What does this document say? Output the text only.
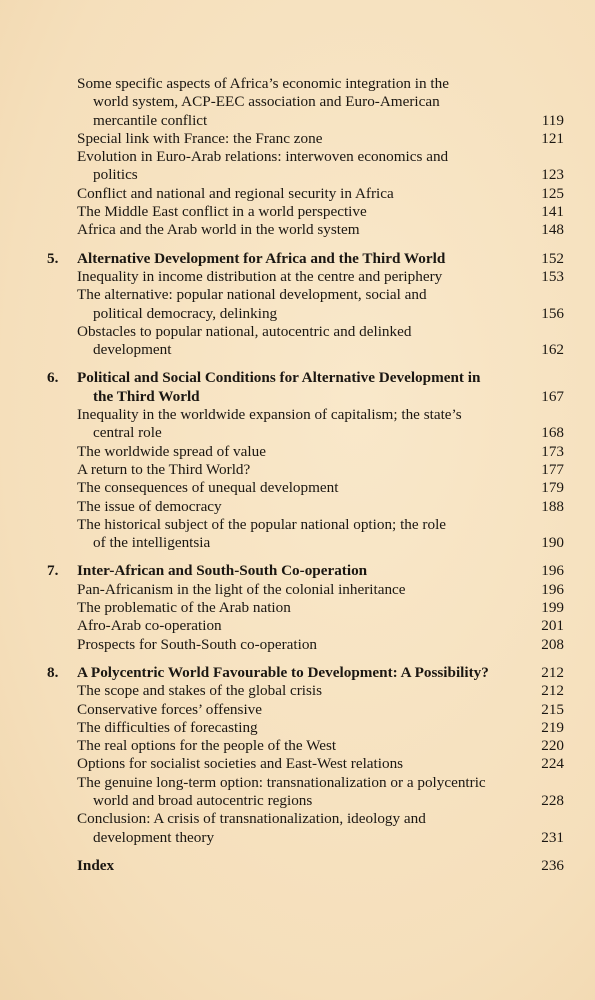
Some specific aspects of Africa’s economic integration in the
world system, ACP-EEC association and Euro-American
mercantile conflict	119
Special link with France: the Franc zone	121
Evolution in Euro-Arab relations: interwoven economics and
politics	123
Conflict and national and regional security in Africa	125
The Middle East conflict in a world perspective	141
Africa and the Arab world in the world system	148
5.	Alternative Development for Africa and the Third World	152
Inequality in income distribution at the centre and periphery	153
The alternative: popular national development, social and
political democracy, delinking	156
Obstacles to popular national, autocentric and delinked
development	162
6.	Political and Social Conditions for Alternative Development in
the Third World	167
Inequality in the worldwide expansion of capitalism; the state’s
central role	168
The worldwide spread of value	173
A return to the Third World?	177
The consequences of unequal development	179
The issue of democracy	188
The historical subject of the popular national option; the role
of the intelligentsia	190
7.	Inter-African and South-South Co-operation	196
Pan-Africanism in the light of the colonial inheritance	196
The problematic of the Arab nation	199
Afro-Arab co-operation	201
Prospects for South-South co-operation	208
8.	A Polycentric World Favourable to Development: A Possibility?	212
The scope and stakes of the global crisis	212
Conservative forces’ offensive	215
The difficulties of forecasting	219
The real options for the people of the West	220
Options for socialist societies and East-West relations	224
The genuine long-term option: transnationalization or a polycentric
world and broad autocentric regions	228
Conclusion: A crisis of transnationalization, ideology and
development theory	231
Index	236
